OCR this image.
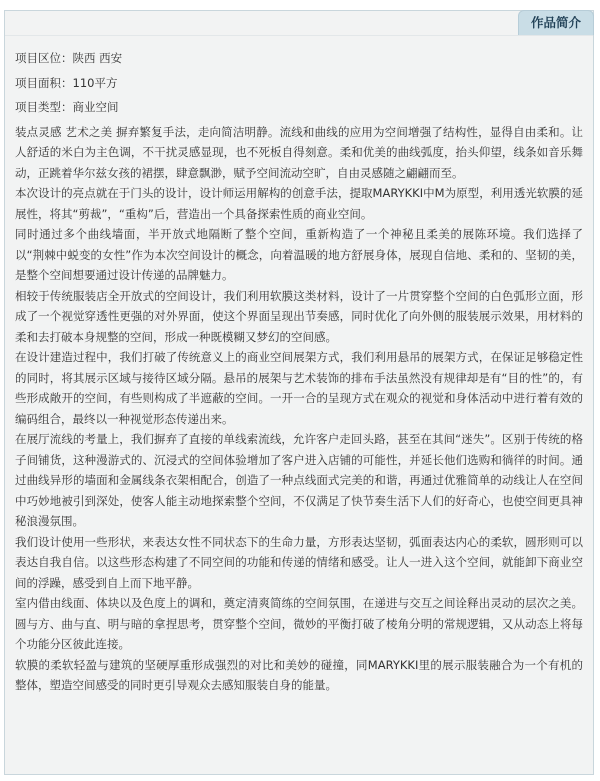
作品简介

项目区位：陕西 西安

项目面积：110平方

项目类型：商业空间

装点灵感 艺术之美 摒弃繁复手法，走向简洁明静。流线和曲线的应用为空间增强了结构性，显得自由柔和。让人舒适的米白为主色调，不干扰灵感显现，也不死板自得刻意。柔和优美的曲线弧度，抬头仰望，线条如音乐舞动，正跳着华尔兹女孩的裙摆，肆意飘渺，赋予空间流动空旷，自由灵感随之翩翩而至。

本次设计的亮点就在于门头的设计，设计师运用解构的创意手法，提取MARYKKI中M为原型，利用透光软膜的延展性，将其“剪裁”，“重构”后，营造出一个具备探索性质的商业空间。

同时通过多个曲线墙面，半开放式地隔断了整个空间，重新构造了一个神秘且柔美的展陈环境。我们选择了以“荆棘中蜕变的女性”作为本次空间设计的概念，向着温暖的地方舒展身体，展现自信地、柔和的、坚韧的美，是整个空间想要通过设计传递的品牌魅力。

相较于传统服装店全开放式的空间设计，我们利用软膜这类材料，设计了一片贯穿整个空间的白色弧形立面，形成了一个视觉穿透性更强的对外界面，使这个界面呈现出节奏感，同时优化了向外侧的服装展示效果，用材料的柔和去打破本身规整的空间，形成一种既模糊又梦幻的空间感。

在设计建造过程中，我们打破了传统意义上的商业空间展架方式，我们利用悬吊的展架方式，在保证足够稳定性的同时，将其展示区域与接待区域分隔。悬吊的展架与艺术装饰的排布手法虽然没有规律却是有“目的性”的，有些形成敞开的空间，有些则构成了半遮蔽的空间。一开一合的呈现方式在观众的视觉和身体活动中进行着有效的编码组合，最终以一种视觉形态传递出来。

在展厅流线的考量上，我们摒弃了直接的单线索流线，允许客户走回头路，甚至在其间“迷失”。区别于传统的格子间铺货，这种漫游式的、沉浸式的空间体验增加了客户进入店铺的可能性，并延长他们选购和徜徉的时间。通过曲线异形的墙面和金属线条衣架相配合，创造了一种点线面式完美的和谐，再通过优雅简单的动线让人在空间中巧妙地被引到深处，使客人能主动地探索整个空间，不仅满足了快节奏生活下人们的好奇心，也使空间更具神秘浪漫氛围。

我们设计使用一些形状，来表达女性不同状态下的生命力量，方形表达坚韧，弧面表达内心的柔软，圆形则可以表达自我自信。以这些形态构建了不同空间的功能和传递的情绪和感受。让人一进入这个空间，就能卸下商业空间的浮躁，感受到自上而下地平静。

室内借由线面、体块以及色度上的调和，奠定清爽简练的空间氛围，在递进与交互之间诠释出灵动的层次之美。圆与方、曲与直、明与暗的拿捏思考，贯穿整个空间，微妙的平衡打破了棱角分明的常规逻辑，又从动态上将每个功能分区彼此连接。

软膜的柔软轻盈与建筑的坚硬厚重形成强烈的对比和美妙的碰撞，同MARYKKI里的展示服装融合为一个有机的整体，塑造空间感受的同时更引导观众去感知服装自身的能量。
